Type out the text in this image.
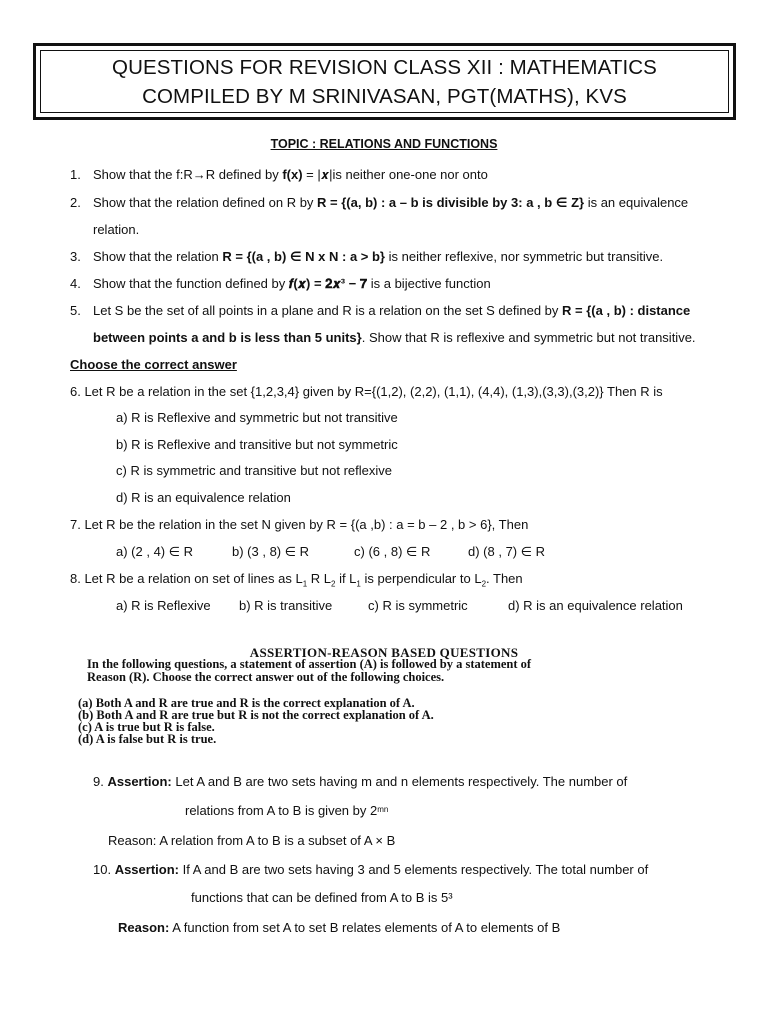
QUESTIONS FOR REVISION CLASS XII : MATHEMATICS
COMPILED BY M SRINIVASAN, PGT(MATHS), KVS
TOPIC : RELATIONS AND FUNCTIONS
1. Show that the f:R→R defined by f(x) = |𝒙|is neither one-one nor onto
2. Show that the relation defined on R by R = {(a, b) : a – b is divisible by 3: a , b ∈ Z} is an equivalence
relation.
3. Show that the relation R = {(a , b) ∈ N x N : a > b} is neither reflexive, nor symmetric but transitive.
4. Show that the function defined by 𝒇(𝒙) = 𝟐𝒙³ − 𝟕 is a bijective function
5. Let S be the set of all points in a plane and R is a relation on the set S defined by R = {(a , b) : distance
between points a and b is less than 5 units}. Show that R is reflexive and symmetric but not transitive.
Choose the correct answer
6. Let R be a relation in the set {1,2,3,4} given by R={(1,2), (2,2), (1,1), (4,4), (1,3),(3,3),(3,2)} Then R is
a) R is Reflexive and symmetric but not transitive
b) R is Reflexive and transitive but not symmetric
c) R is symmetric and transitive but not reflexive
d) R is an equivalence relation
7. Let R be the relation in the set N given by R = {(a ,b) : a = b – 2 , b > 6}, Then
a) (2 , 4) ∈ R	b) (3 , 8) ∈ R	c) (6 , 8) ∈ R	d) (8 , 7) ∈ R
8. Let R be a relation on set of lines as $L_1$ R $L_2$ if $L_1$ is perpendicular to $L_2$. Then
a) R is Reflexive b) R is transitive	c) R is symmetric	d) R is an equivalence relation
ASSERTION-REASON BASED QUESTIONS
In the following questions, a statement of assertion (A) is followed by a statement of
Reason (R). Choose the correct answer out of the following choices.
(a) Both A and R are true and R is the correct explanation of A.
(b) Both A and R are true but R is not the correct explanation of A.
(c) A is true but R is false.
(d) A is false but R is true.
9. Assertion: Let A and B are two sets having m and n elements respectively. The number of
relations from A to B is given by $2^{mn}$
Reason: A relation from A to B is a subset of A × B
10. Assertion: If A and B are two sets having 3 and 5 elements respectively. The total number of
functions that can be defined from A to B is 5³
Reason: A function from set A to set B relates elements of A to elements of B
